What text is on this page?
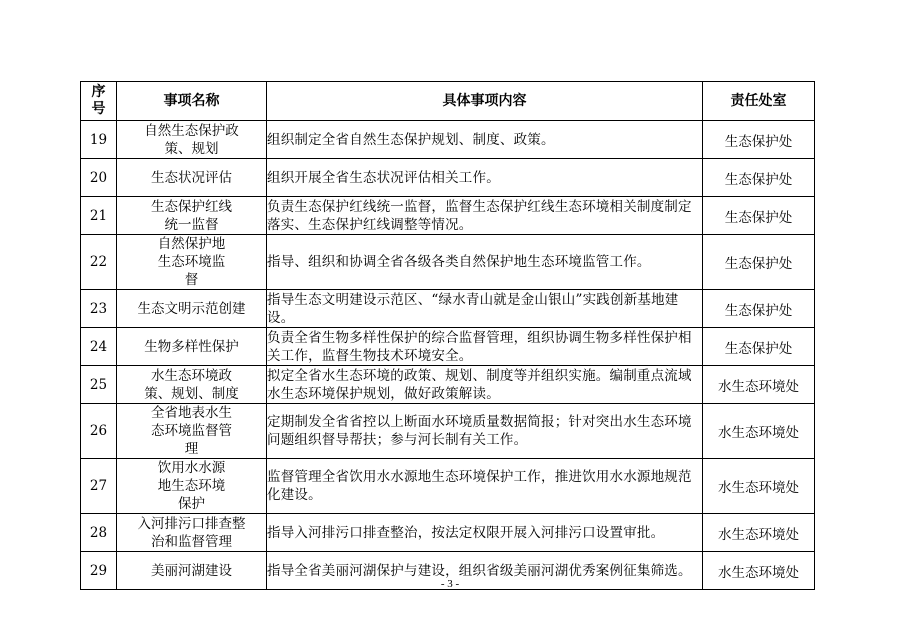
序号	事项名称	具体事项内容	责任处室
19	自然生态保护政策、规划	组织制定全省自然生态保护规划、制度、政策。	生态保护处
20	生态状况评估	组织开展全省生态状况评估相关工作。	生态保护处
21	生态保护红线统一监督	负责生态保护红线统一监督，监督生态保护红线生态环境相关制度制定落实、生态保护红线调整等情况。	生态保护处
22	自然保护地生态环境监督	指导、组织和协调全省各级各类自然保护地生态环境监管工作。	生态保护处
23	生态文明示范创建	指导生态文明建设示范区、“绿水青山就是金山银山”实践创新基地建设。	生态保护处
24	生物多样性保护	负责全省生物多样性保护的综合监督管理，组织协调生物多样性保护相关工作，监督生物技术环境安全。	生态保护处
25	水生态环境政策、规划、制度	拟定全省水生态环境的政策、规划、制度等并组织实施。编制重点流域水生态环境保护规划，做好政策解读。	水生态环境处
26	全省地表水生态环境监督管理	定期制发全省省控以上断面水环境质量数据简报；针对突出水生态环境问题组织督导帮扶；参与河长制有关工作。	水生态环境处
27	饮用水水源地生态环境保护	监督管理全省饮用水水源地生态环境保护工作，推进饮用水水源地规范化建设。	水生态环境处
28	入河排污口排查整治和监督管理	指导入河排污口排查整治，按法定权限开展入河排污口设置审批。	水生态环境处
29	美丽河湖建设	指导全省美丽河湖保护与建设，组织省级美丽河湖优秀案例征集筛选。	水生态环境处
- 3 -
